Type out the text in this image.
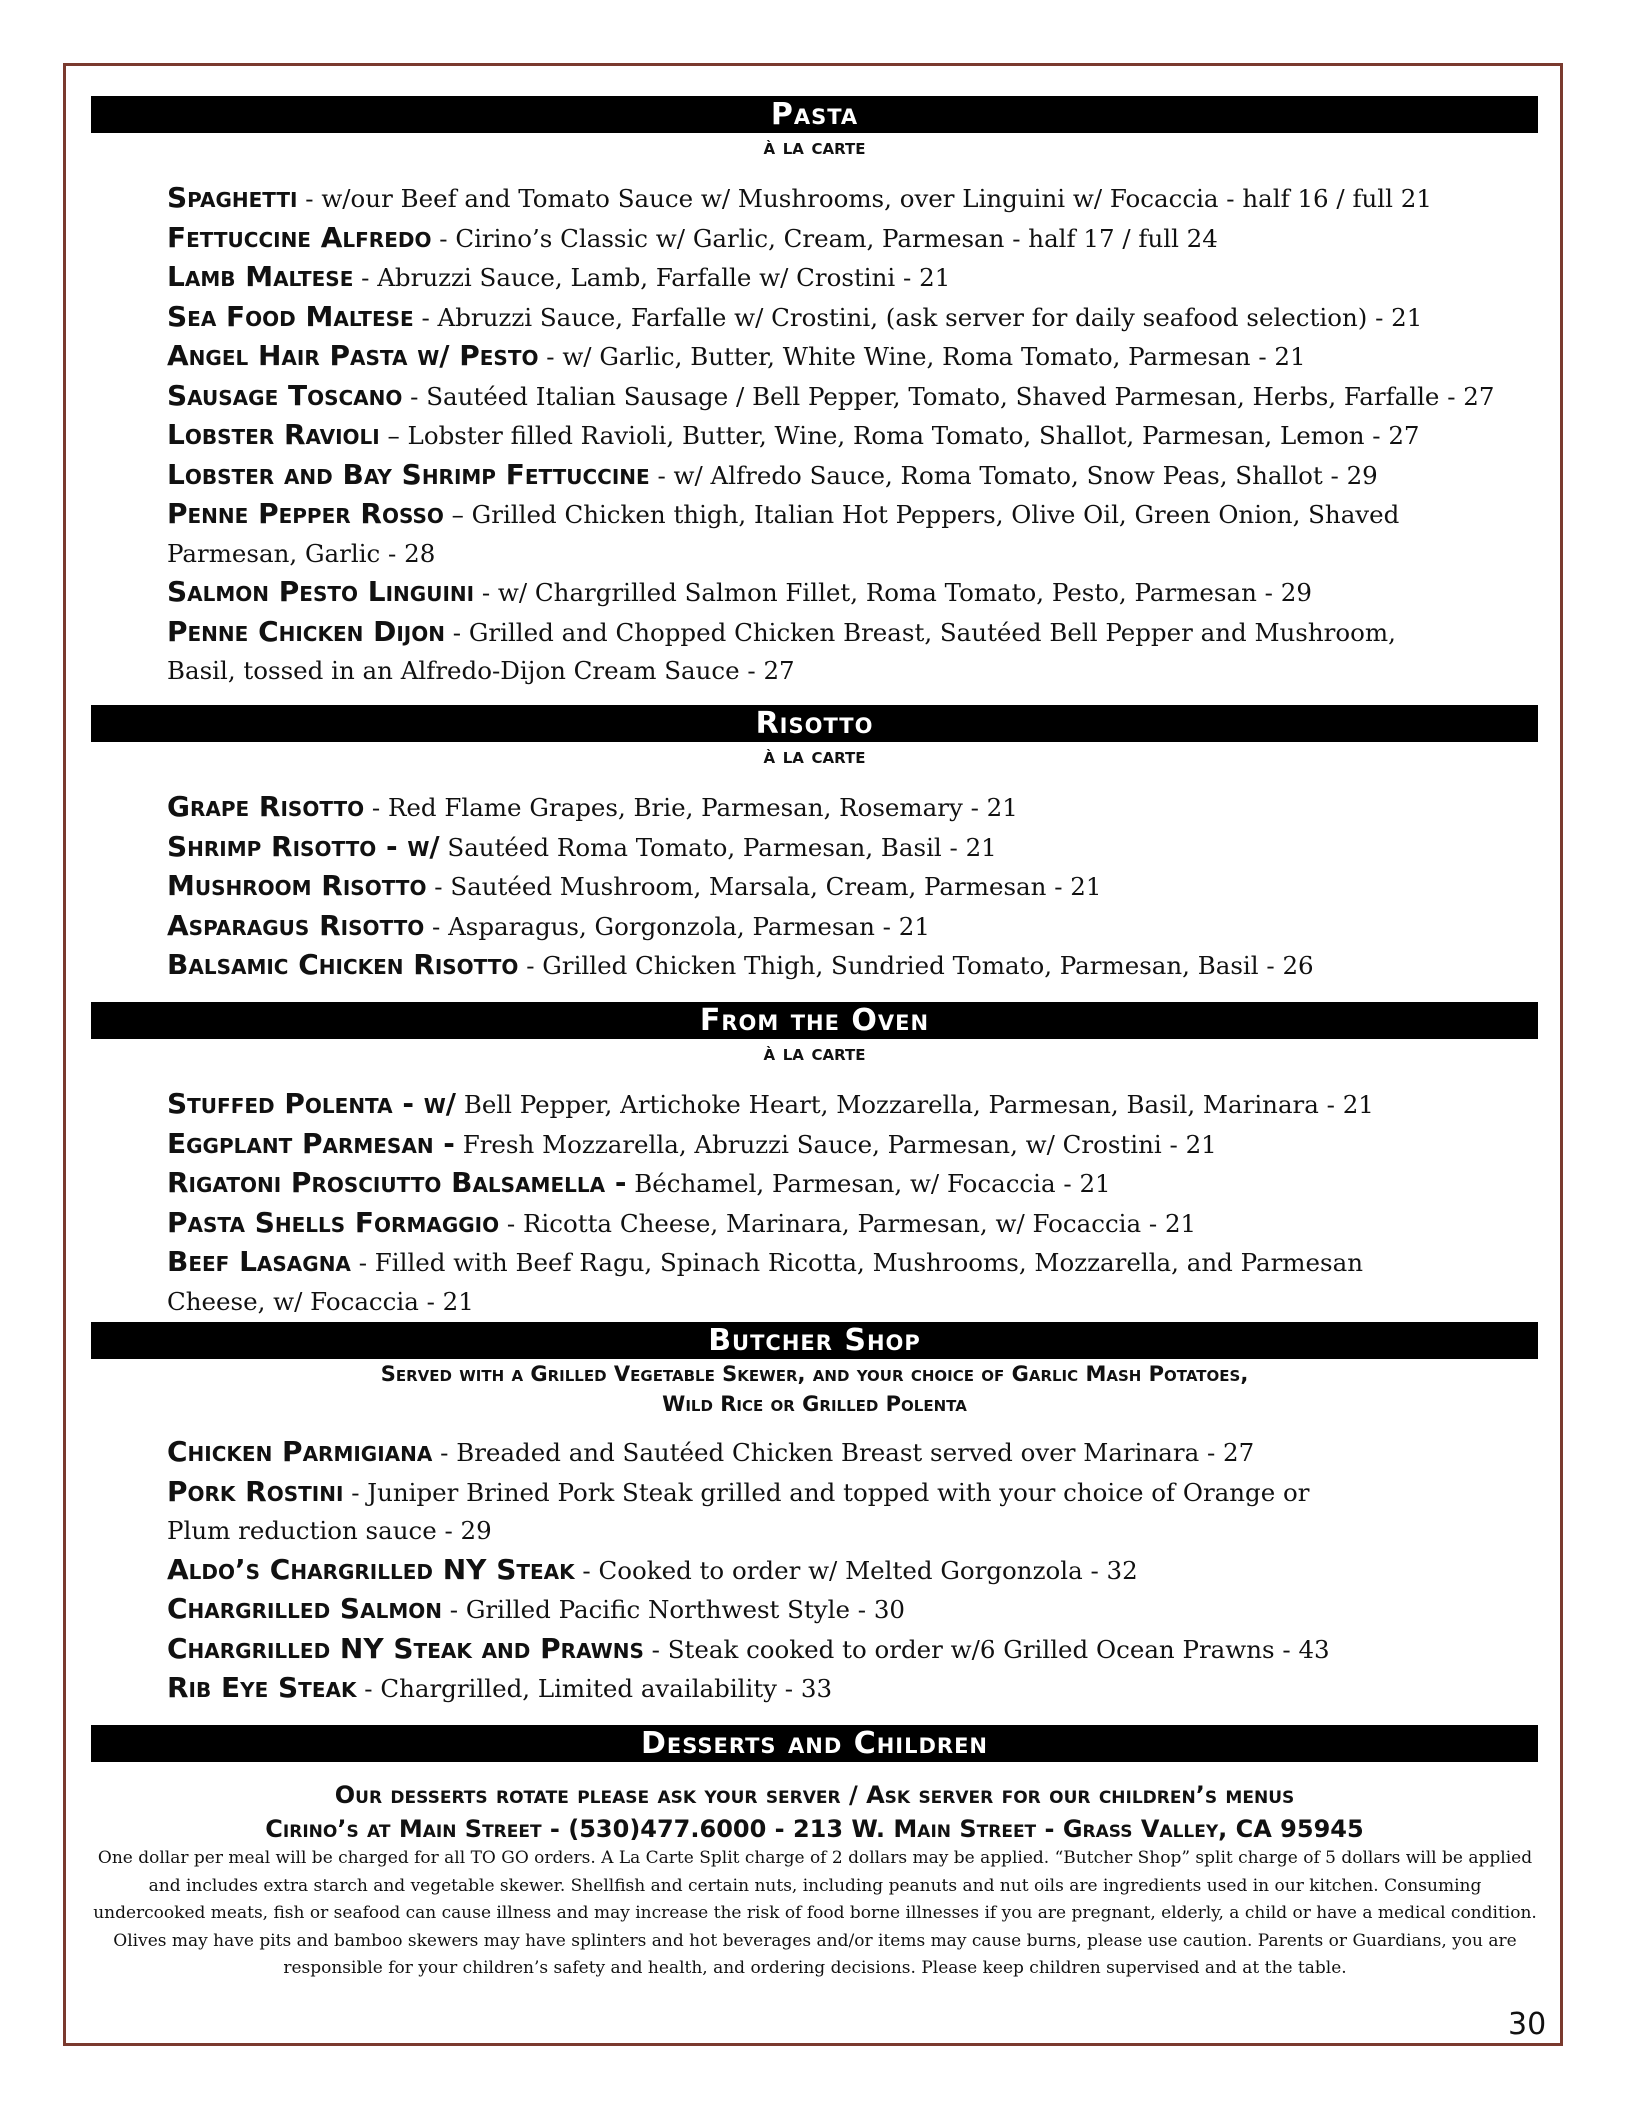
Pasta
à la carte
Spaghetti - w/our Beef and Tomato Sauce w/ Mushrooms, over Linguini w/ Focaccia - half 16 / full 21
Fettuccine Alfredo - Cirino’s Classic w/ Garlic, Cream, Parmesan - half 17 / full 24
Lamb Maltese - Abruzzi Sauce, Lamb, Farfalle w/ Crostini - 21
Sea Food Maltese - Abruzzi Sauce, Farfalle w/ Crostini, (ask server for daily seafood selection) - 21
Angel Hair Pasta w/ Pesto - w/ Garlic, Butter, White Wine, Roma Tomato, Parmesan - 21
Sausage Toscano - Sautéed Italian Sausage / Bell Pepper, Tomato, Shaved Parmesan, Herbs, Farfalle - 27
Lobster Ravioli – Lobster filled Ravioli, Butter, Wine, Roma Tomato, Shallot, Parmesan, Lemon - 27
Lobster and Bay Shrimp Fettuccine - w/ Alfredo Sauce, Roma Tomato, Snow Peas, Shallot - 29
Penne Pepper Rosso – Grilled Chicken thigh, Italian Hot Peppers, Olive Oil, Green Onion, Shaved Parmesan, Garlic - 28
Salmon Pesto Linguini - w/ Chargrilled Salmon Fillet, Roma Tomato, Pesto, Parmesan - 29
Penne Chicken Dijon - Grilled and Chopped Chicken Breast, Sautéed Bell Pepper and Mushroom, Basil, tossed in an Alfredo-Dijon Cream Sauce - 27
Risotto
à la carte
Grape Risotto - Red Flame Grapes, Brie, Parmesan, Rosemary - 21
Shrimp Risotto - w/ Sautéed Roma Tomato, Parmesan, Basil - 21
Mushroom Risotto - Sautéed Mushroom, Marsala, Cream, Parmesan - 21
Asparagus Risotto - Asparagus, Gorgonzola, Parmesan - 21
Balsamic Chicken Risotto - Grilled Chicken Thigh, Sundried Tomato, Parmesan, Basil - 26
From the Oven
à la carte
Stuffed Polenta - w/ Bell Pepper, Artichoke Heart, Mozzarella, Parmesan, Basil, Marinara - 21
Eggplant Parmesan - Fresh Mozzarella, Abruzzi Sauce, Parmesan, w/ Crostini - 21
Rigatoni Prosciutto Balsamella - Béchamel, Parmesan, w/ Focaccia - 21
Pasta Shells Formaggio - Ricotta Cheese, Marinara, Parmesan, w/ Focaccia - 21
Beef Lasagna - Filled with Beef Ragu, Spinach Ricotta, Mushrooms, Mozzarella, and Parmesan Cheese, w/ Focaccia - 21
Butcher Shop
Served with a Grilled Vegetable Skewer, and your choice of Garlic Mash Potatoes,
Wild Rice or Grilled Polenta
Chicken Parmigiana - Breaded and Sautéed Chicken Breast served over Marinara - 27
Pork Rostini - Juniper Brined Pork Steak grilled and topped with your choice of Orange or Plum reduction sauce - 29
Aldo’s Chargrilled NY Steak - Cooked to order w/ Melted Gorgonzola - 32
Chargrilled Salmon - Grilled Pacific Northwest Style - 30
Chargrilled NY Steak and Prawns - Steak cooked to order w/6 Grilled Ocean Prawns - 43
Rib Eye Steak - Chargrilled, Limited availability - 33
Desserts and Children
Our desserts rotate please ask your server / Ask server for our children’s menus
Cirino’s at Main Street - (530)477.6000 - 213 W. Main Street - Grass Valley, CA 95945
One dollar per meal will be charged for all TO GO orders. A La Carte Split charge of 2 dollars may be applied. “Butcher Shop” split charge of 5 dollars will be applied and includes extra starch and vegetable skewer. Shellfish and certain nuts, including peanuts and nut oils are ingredients used in our kitchen. Consuming undercooked meats, fish or seafood can cause illness and may increase the risk of food borne illnesses if you are pregnant, elderly, a child or have a medical condition. Olives may have pits and bamboo skewers may have splinters and hot beverages and/or items may cause burns, please use caution. Parents or Guardians, you are responsible for your children’s safety and health, and ordering decisions. Please keep children supervised and at the table.
30
